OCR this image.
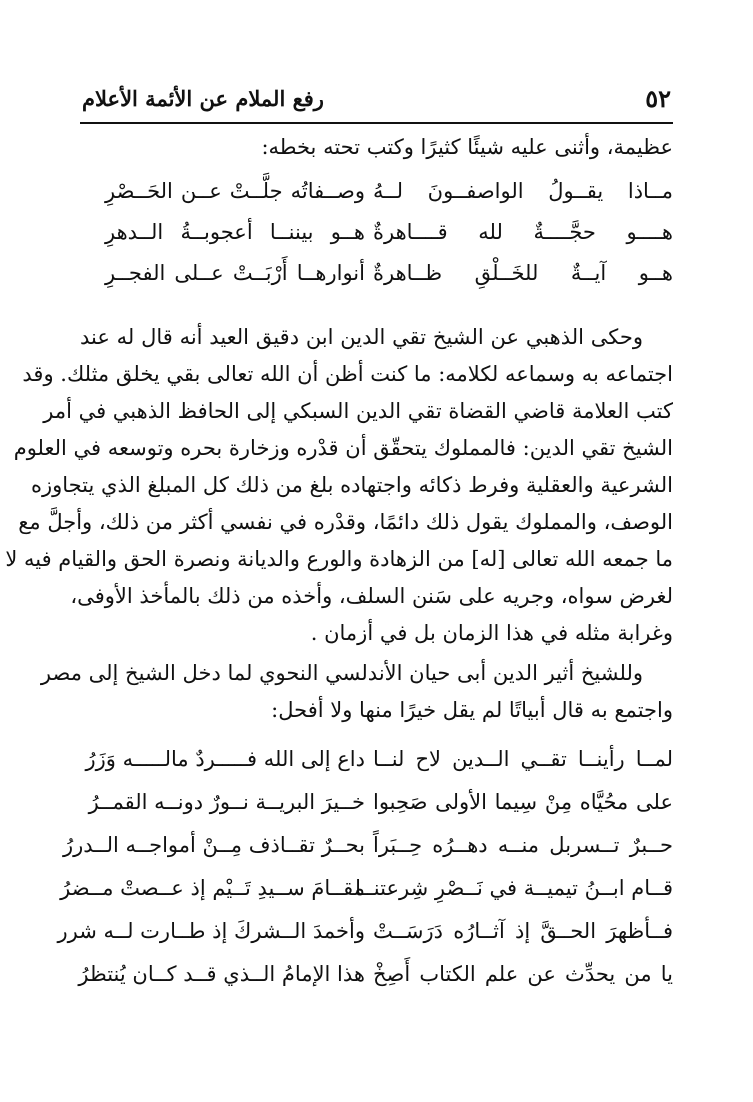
٥٢
رفع الملام عن الأئمة الأعلام
عظيمة، وأثنى عليه شيئًا كثيرًا وكتب تحته بخطه:
مــاذا يقــولُ الواصفــونَ لــهُ
وصــفاتُه جلَّــتْ عــن الحَــصْرِ
هــــو حجَّــــةٌ لله قــــاهرةٌ
هــو بيننــا أعجوبــةُ الــدهرِ
هــو آيــةٌ للخَــلْقِ ظــاهرةٌ
أنوارهــا أَرْبَــتْ عــلى الفجــرِ
وحكى الذهبي عن الشيخ تقي الدين ابن دقيق العيد أنه قال له عند
اجتماعه به وسماعه لكلامه: ما كنت أظن أن الله تعالى بقي يخلق مثلك. وقد
كتب العلامة قاضي القضاة تقي الدين السبكي إلى الحافظ الذهبي في أمر
الشيخ تقي الدين: فالمملوك يتحقّق أن قدْره وزخارة بحره وتوسعه في العلوم
الشرعية والعقلية وفرط ذكائه واجتهاده بلغ من ذلك كل المبلغ الذي يتجاوزه
الوصف، والمملوك يقول ذلك دائمًا، وقدْره في نفسي أكثر من ذلك، وأجلَّ مع
ما جمعه الله تعالى [له] من الزهادة والورع والديانة ونصرة الحق والقيام فيه لا
لغرض سواه، وجريه على سَنن السلف، وأخذه من ذلك بالمأخذ الأوفى،
وغرابة مثله في هذا الزمان بل في أزمان .
وللشيخ أثير الدين أبى حيان الأندلسي النحوي لما دخل الشيخ إلى مصر
واجتمع به قال أبياتًا لم يقل خيرًا منها ولا أفحل:
لمــا رأينــا تقــي الــدين لاح لنــا
داع إلى الله فـــــردٌ مالـــــه وَزَرُ
على محُيَّاه مِنْ سِيما الأولى صَحِبوا
خــيرَ البريــة نــورٌ دونــه القمــرُ
حــبرٌ تــسربل منــه دهــرُه حِــبَراً
بحــرٌ تقــاذف مِــنْ أمواجــه الــدررُ
قــام ابــنُ تيميــة في نَــصْرِ شِرعتنــا
مقــامَ ســيدِ تَــيْم إذ عــصتْ مــضرُ
فــأظهرَ الحــقَّ إذ آثــارُه دَرَسَــتْ
وأخمدَ الــشركَ إذ طــارت لــه شرر
يا من يحدِّث عن علم الكتاب أَصِخْ
هذا الإمامُ الــذي قــد كــان يُنتظرُ
